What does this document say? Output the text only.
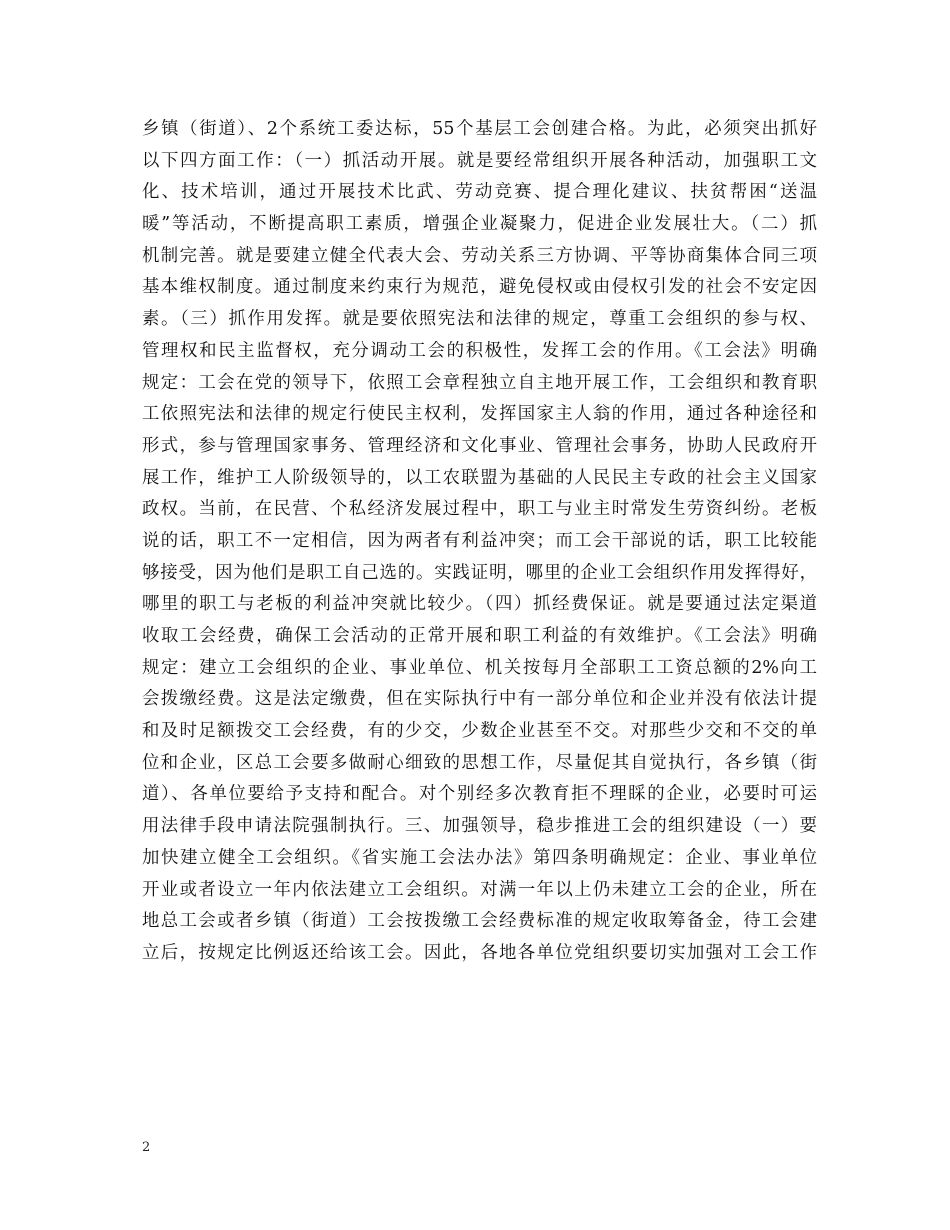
乡镇（街道）、2个系统工委达标，55个基层工会创建合格。为此，必须突出抓好
以下四方面工作：（一）抓活动开展。就是要经常组织开展各种活动，加强职工文
化、技术培训，通过开展技术比武、劳动竞赛、提合理化建议、扶贫帮困“送温
暖”等活动，不断提高职工素质，增强企业凝聚力，促进企业发展壮大。（二）抓
机制完善。就是要建立健全代表大会、劳动关系三方协调、平等协商集体合同三项
基本维权制度。通过制度来约束行为规范，避免侵权或由侵权引发的社会不安定因
素。（三）抓作用发挥。就是要依照宪法和法律的规定，尊重工会组织的参与权、
管理权和民主监督权，充分调动工会的积极性，发挥工会的作用。《工会法》明确
规定：工会在党的领导下，依照工会章程独立自主地开展工作，工会组织和教育职
工依照宪法和法律的规定行使民主权利，发挥国家主人翁的作用，通过各种途径和
形式，参与管理国家事务、管理经济和文化事业、管理社会事务，协助人民政府开
展工作，维护工人阶级领导的，以工农联盟为基础的人民民主专政的社会主义国家
政权。当前，在民营、个私经济发展过程中，职工与业主时常发生劳资纠纷。老板
说的话，职工不一定相信，因为两者有利益冲突；而工会干部说的话，职工比较能
够接受，因为他们是职工自己选的。实践证明，哪里的企业工会组织作用发挥得好，
哪里的职工与老板的利益冲突就比较少。（四）抓经费保证。就是要通过法定渠道
收取工会经费，确保工会活动的正常开展和职工利益的有效维护。《工会法》明确
规定：建立工会组织的企业、事业单位、机关按每月全部职工工资总额的2%向工
会拨缴经费。这是法定缴费，但在实际执行中有一部分单位和企业并没有依法计提
和及时足额拨交工会经费，有的少交，少数企业甚至不交。对那些少交和不交的单
位和企业，区总工会要多做耐心细致的思想工作，尽量促其自觉执行，各乡镇（街
道）、各单位要给予支持和配合。对个别经多次教育拒不理睬的企业，必要时可运
用法律手段申请法院强制执行。三、加强领导，稳步推进工会的组织建设（一）要
加快建立健全工会组织。《省实施工会法办法》第四条明确规定：企业、事业单位
开业或者设立一年内依法建立工会组织。对满一年以上仍未建立工会的企业，所在
地总工会或者乡镇（街道）工会按拨缴工会经费标准的规定收取筹备金，待工会建
立后，按规定比例返还给该工会。因此，各地各单位党组织要切实加强对工会工作
2
